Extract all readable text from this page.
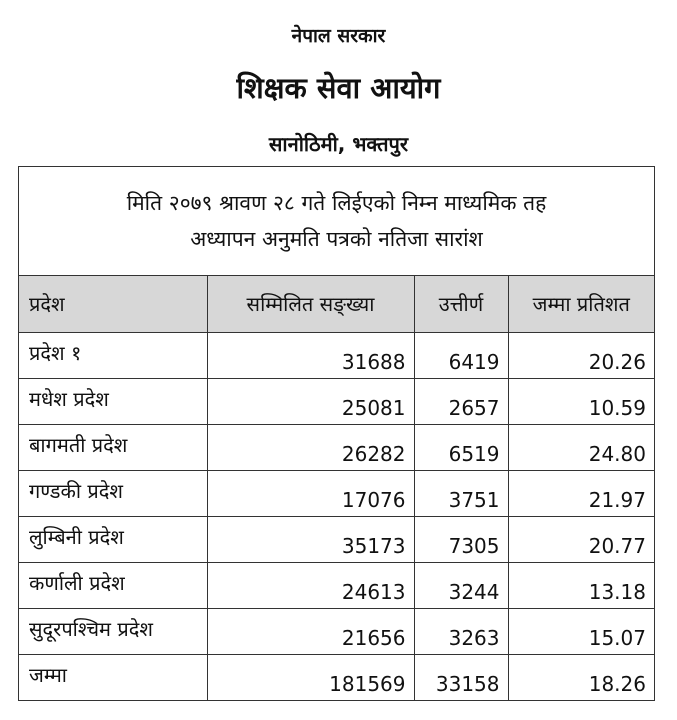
नेपाल सरकार
शिक्षक सेवा आयोग
सानोठिमी, भक्तपुर
मिति २०७९ श्रावण २८ गते लिईएको निम्न माध्यमिक तह
अध्यापन अनुमति पत्रको नतिजा सारांश
प्रदेश	सम्मिलित सङ्ख्या	उत्तीर्ण	जम्मा प्रतिशत
प्रदेश १	31688	6419	20.26
मधेश प्रदेश	25081	2657	10.59
बागमती प्रदेश	26282	6519	24.80
गण्डकी प्रदेश	17076	3751	21.97
लुम्बिनी प्रदेश	35173	7305	20.77
कर्णाली प्रदेश	24613	3244	13.18
सुदूरपश्चिम प्रदेश	21656	3263	15.07
जम्मा	181569	33158	18.26
